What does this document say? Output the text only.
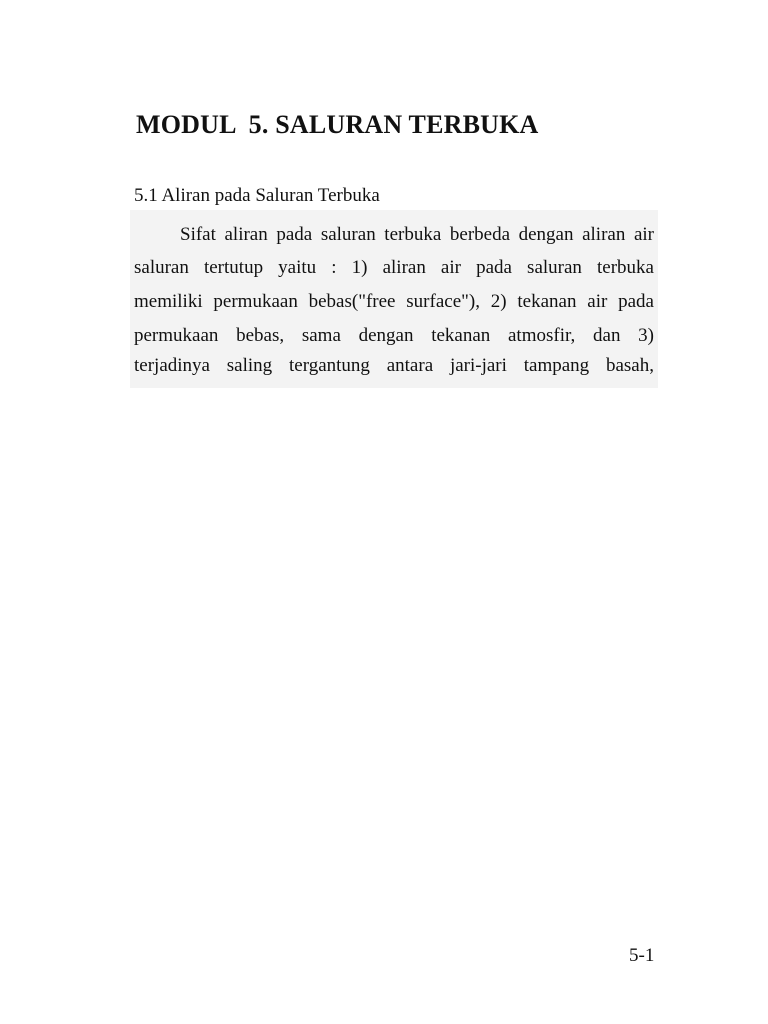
MODUL  5. SALURAN TERBUKA
5.1 Aliran pada Saluran Terbuka
Sifat aliran pada saluran terbuka berbeda dengan aliran air
saluran tertutup yaitu : 1) aliran air pada saluran terbuka
memiliki permukaan bebas("free surface"), 2) tekanan air pada
permukaan bebas, sama dengan tekanan atmosfir, dan 3)
terjadinya saling tergantung antara jari-jari tampang basah,
5-1
